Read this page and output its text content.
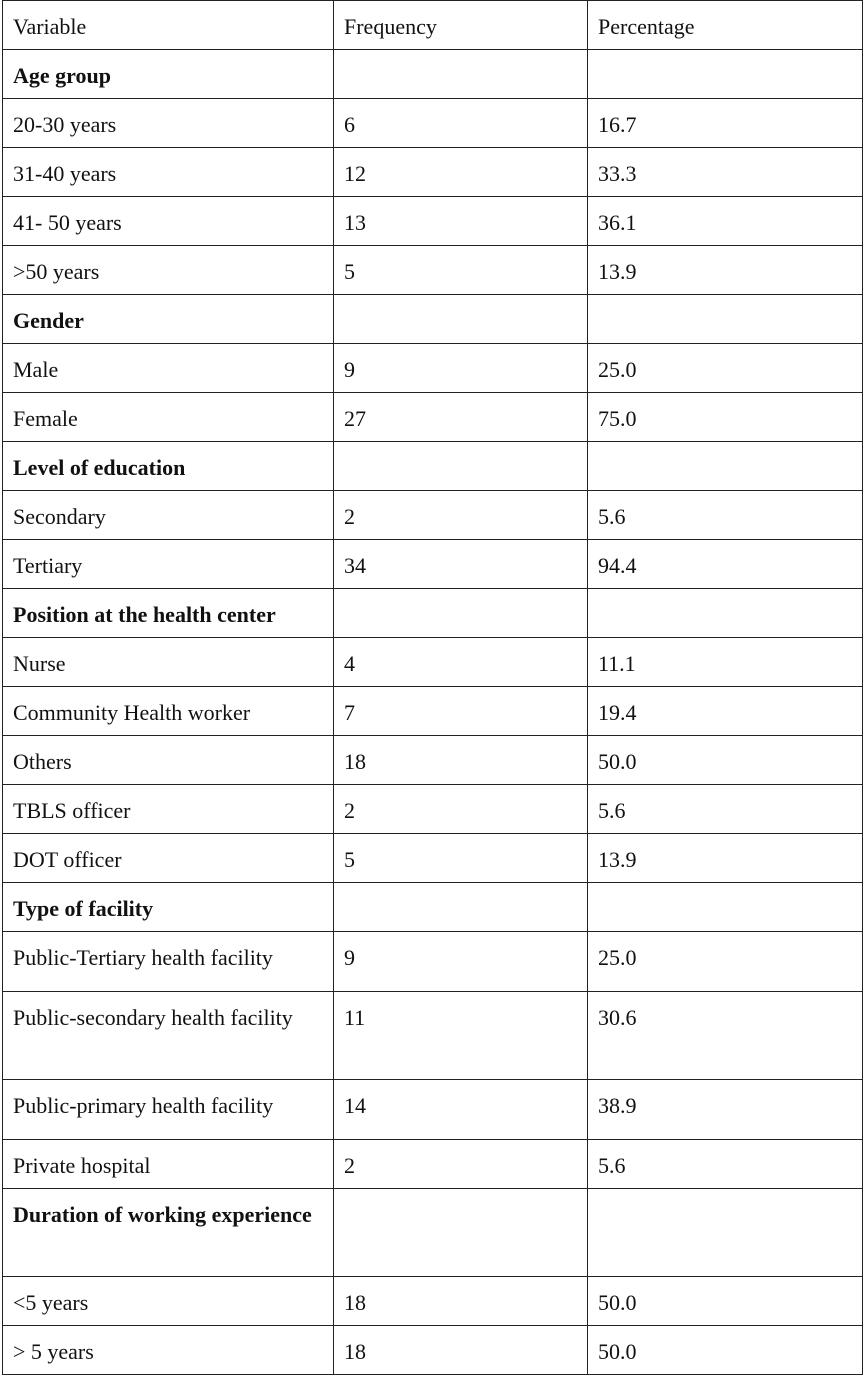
Variable	Frequency	Percentage
Age group		
20-30 years	6	16.7
31-40 years	12	33.3
41- 50 years	13	36.1
>50 years	5	13.9
Gender		
Male	9	25.0
Female	27	75.0
Level of education		
Secondary	2	5.6
Tertiary	34	94.4
Position at the health center		
Nurse	4	11.1
Community Health worker	7	19.4
Others	18	50.0
TBLS officer	2	5.6
DOT officer	5	13.9
Type of facility		
Public-Tertiary health facility	9	25.0
Public-secondary health facility	11	30.6
Public-primary health facility	14	38.9
Private hospital	2	5.6
Duration of working experience		
<5 years	18	50.0
> 5 years	18	50.0
